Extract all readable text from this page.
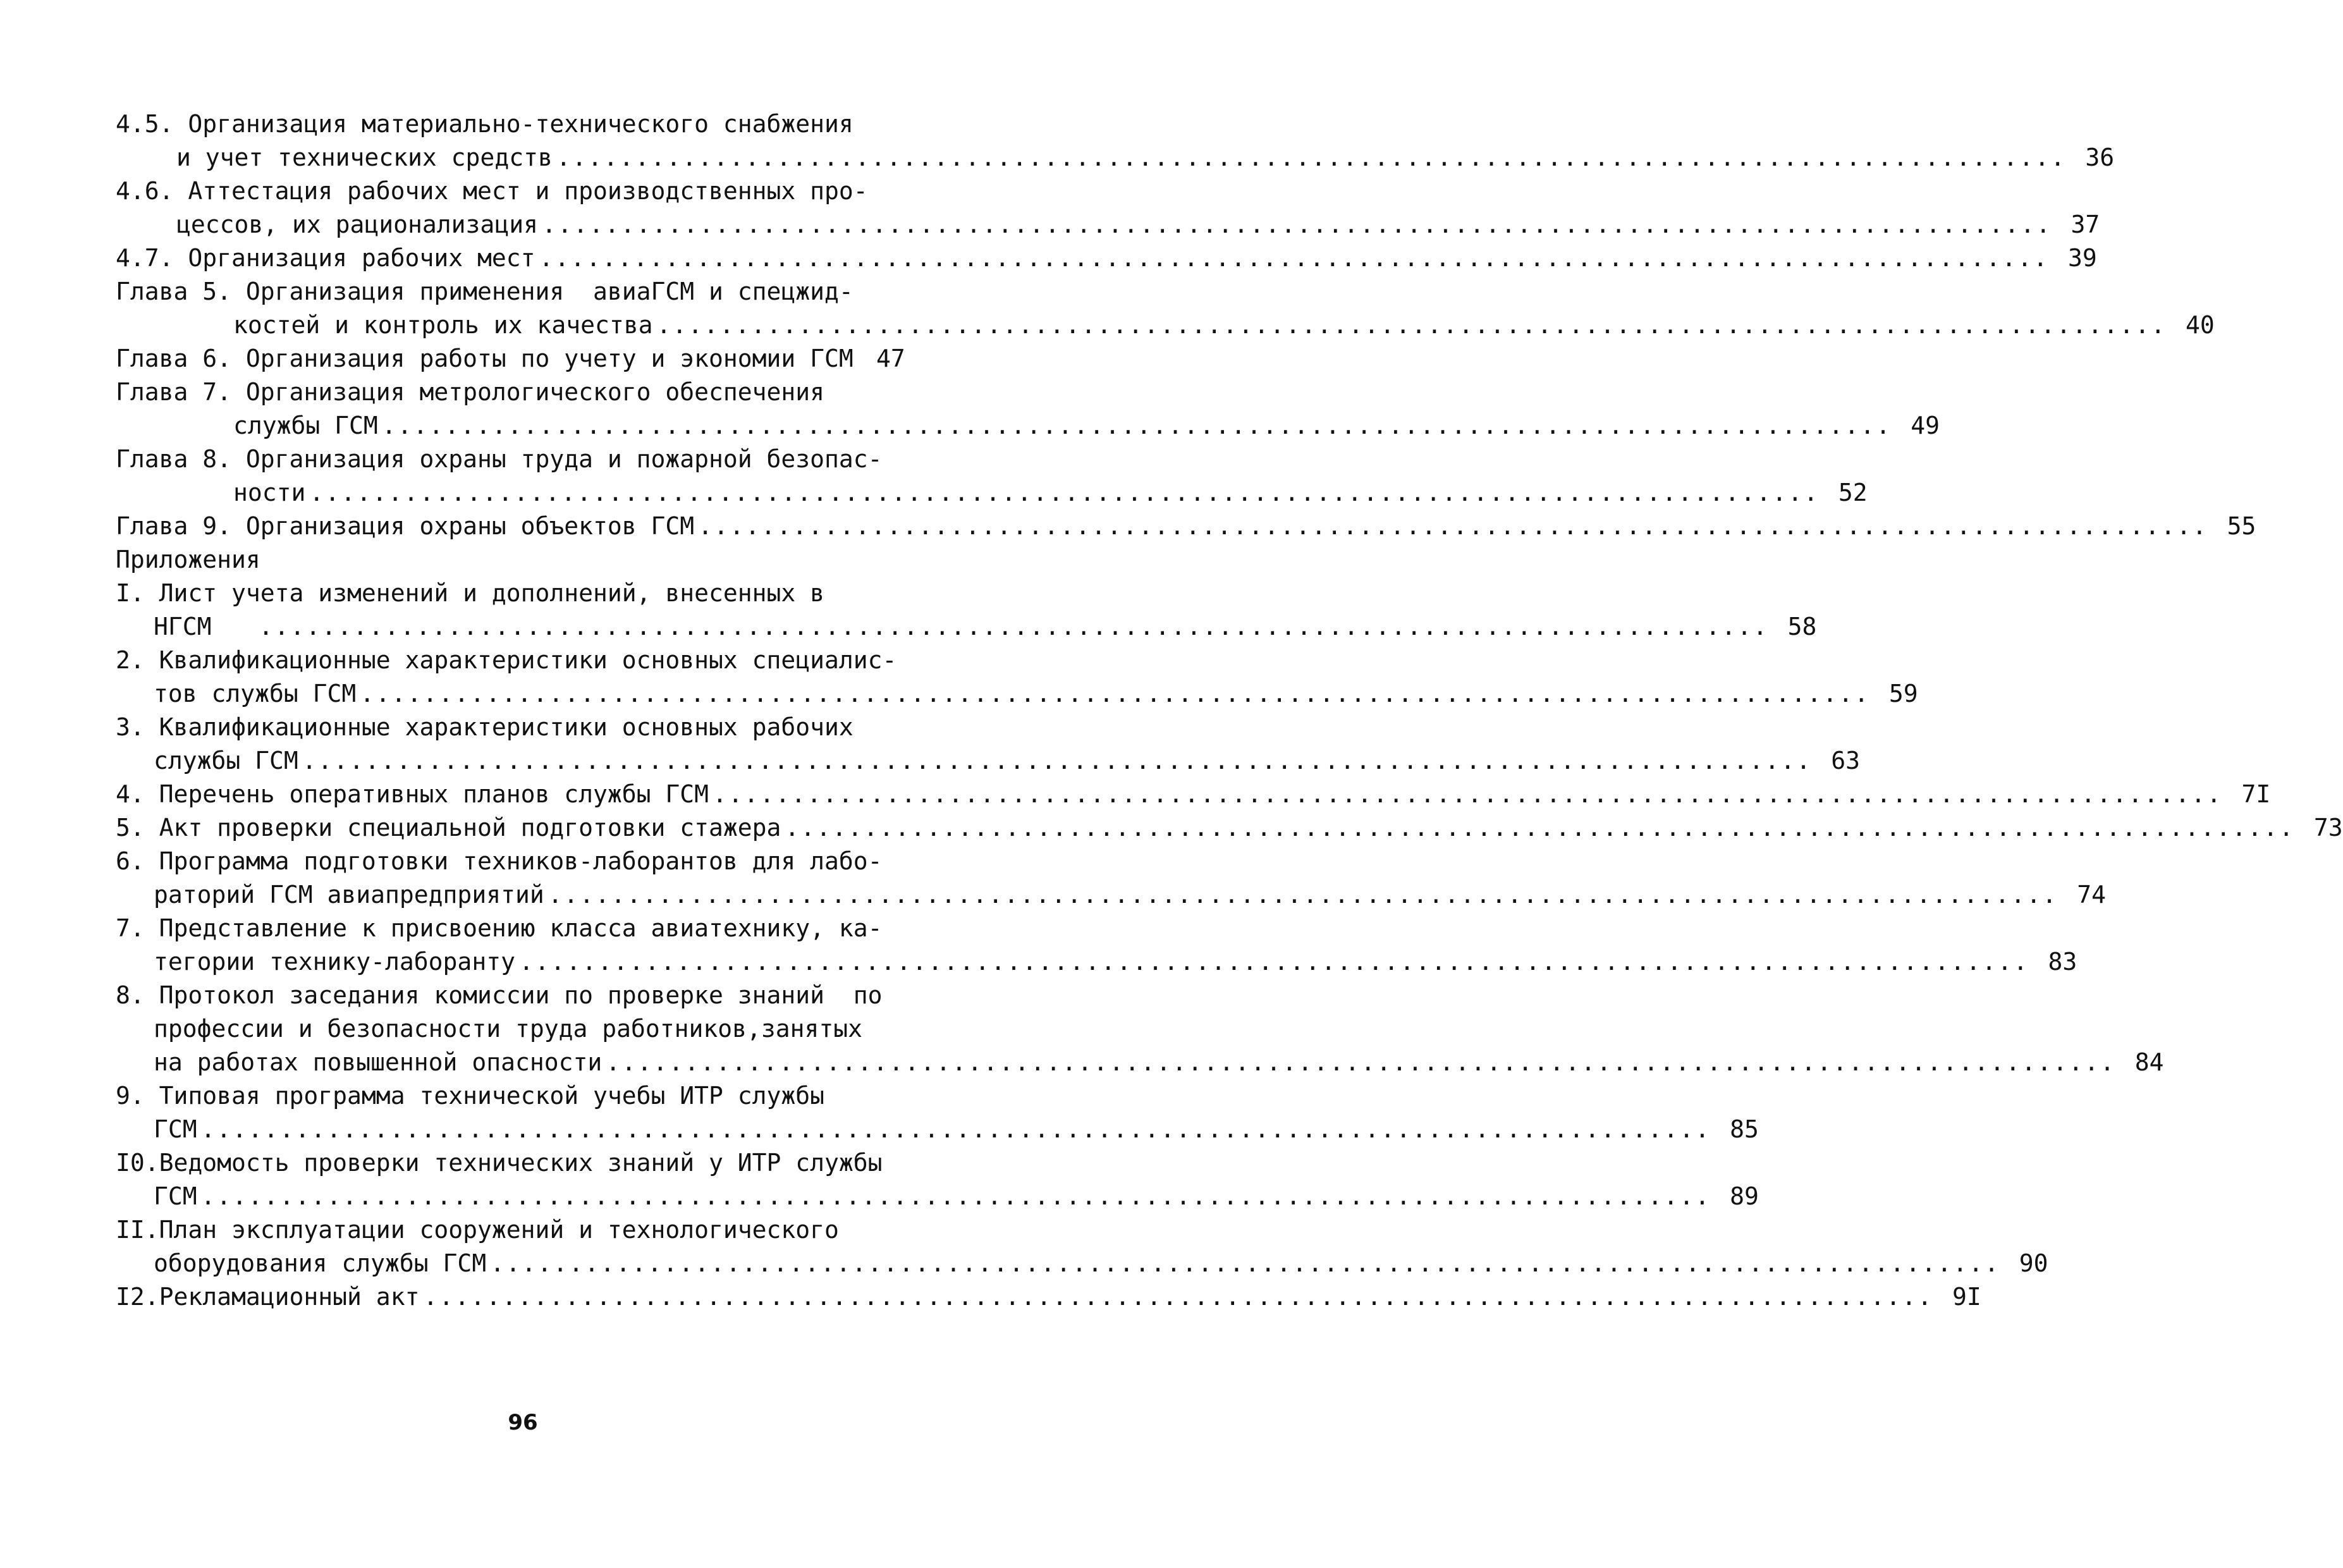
4.5. Организация материально-технического снабжения
и учет технических средств ................................................................................................ 36
4.6. Аттестация рабочих мест и производственных про-
цессов, их рационализация ................................................................................................ 37
4.7. Организация рабочих мест ................................................................................................ 39
Глава 5. Организация применения  авиаГСМ и спецжид-
костей и контроль их качества ................................................................................................ 40
Глава 6. Организация работы по учету и экономии ГСМ 47
Глава 7. Организация метрологического обеспечения
службы ГСМ ................................................................................................ 49
Глава 8. Организация охраны труда и пожарной безопас-
ности ................................................................................................ 52
Глава 9. Организация охраны объектов ГСМ ................................................................................................ 55
Приложения
I. Лист учета изменений и дополнений, внесенных в
НГСМ ................................................................................................ 58
2. Квалификационные характеристики основных специалис-
тов службы ГСМ ................................................................................................ 59
3. Квалификационные характеристики основных рабочих
службы ГСМ ................................................................................................ 63
4. Перечень оперативных планов службы ГСМ ................................................................................................ 7I
5. Акт проверки специальной подготовки стажера ................................................................................................ 73
6. Программа подготовки техников-лаборантов для лабо-
раторий ГСМ авиапредприятий ................................................................................................ 74
7. Представление к присвоению класса авиатехнику, ка-
тегории технику-лаборанту ................................................................................................ 83
8. Протокол заседания комиссии по проверке знаний  по
профессии и безопасности труда работников,занятых
на работах повышенной опасности ................................................................................................ 84
9. Типовая программа технической учебы ИТР службы
ГСМ ................................................................................................ 85
I0. Ведомость проверки технических знаний у ИТР службы
ГСМ ................................................................................................ 89
II. План эксплуатации сооружений и технологического
оборудования службы ГСМ ................................................................................................ 90
I2. Рекламационный акт ................................................................................................ 9I
96
